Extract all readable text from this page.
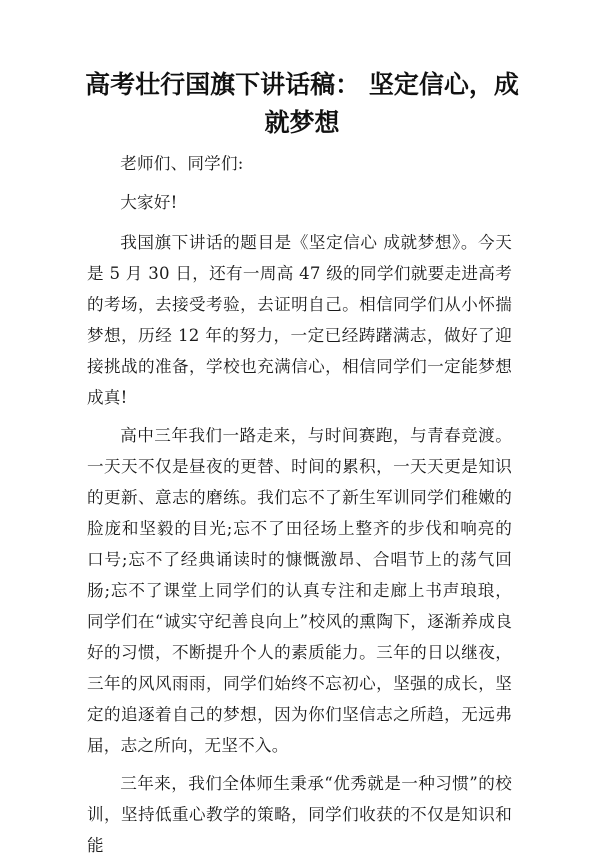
高考壮行国旗下讲话稿： 坚定信心，成就梦想

老师们、同学们:

大家好!

我国旗下讲话的题目是《坚定信心 成就梦想》。今天是 5 月 30 日，还有一周高 47 级的同学们就要走进高考的考场，去接受考验，去证明自己。相信同学们从小怀揣梦想，历经 12 年的努力，一定已经踌躇满志，做好了迎接挑战的准备，学校也充满信心，相信同学们一定能梦想成真!

高中三年我们一路走来，与时间赛跑，与青春竞渡。一天天不仅是昼夜的更替、时间的累积，一天天更是知识的更新、意志的磨练。我们忘不了新生军训同学们稚嫩的脸庞和坚毅的目光;忘不了田径场上整齐的步伐和响亮的口号;忘不了经典诵读时的慷慨激昂、合唱节上的荡气回肠;忘不了课堂上同学们的认真专注和走廊上书声琅琅，同学们在“诚实守纪善良向上”校风的熏陶下，逐渐养成良好的习惯，不断提升个人的素质能力。三年的日以继夜，三年的风风雨雨，同学们始终不忘初心，坚强的成长，坚定的追逐着自己的梦想，因为你们坚信志之所趋，无远弗届，志之所向，无坚不入。

三年来，我们全体师生秉承“优秀就是一种习惯”的校训，坚持低重心教学的策略，同学们收获的不仅是知识和能
